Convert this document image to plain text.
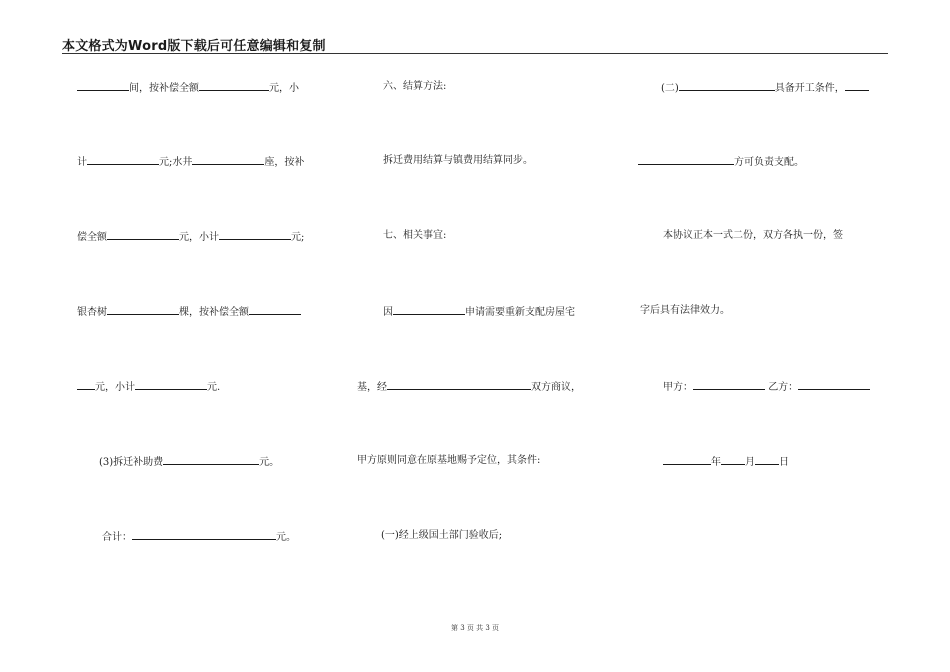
本文格式为Word版下载后可任意编辑和复制
间，按补偿全额	元，小
计	元;水井	座，按补
偿全额	元，小计	元;
银杏树	棵，按补偿全额
元，小计	元.
(3)拆迁补助费	元。
合计：	元。
六、结算方法:
拆迁费用结算与镇费用结算同步。
七、相关事宜:
因	申请需要重新支配房屋宅
基，经	双方商议，
甲方原则同意在原基地赐予定位，其条件:
(一)经上级国土部门验收后;
(二)	具备开工条件，
方可负责支配。
本协议正本一式二份，双方各执一份，签
字后具有法律效力。
甲方：	乙方：
年 月 日
第 3 页 共 3 页
